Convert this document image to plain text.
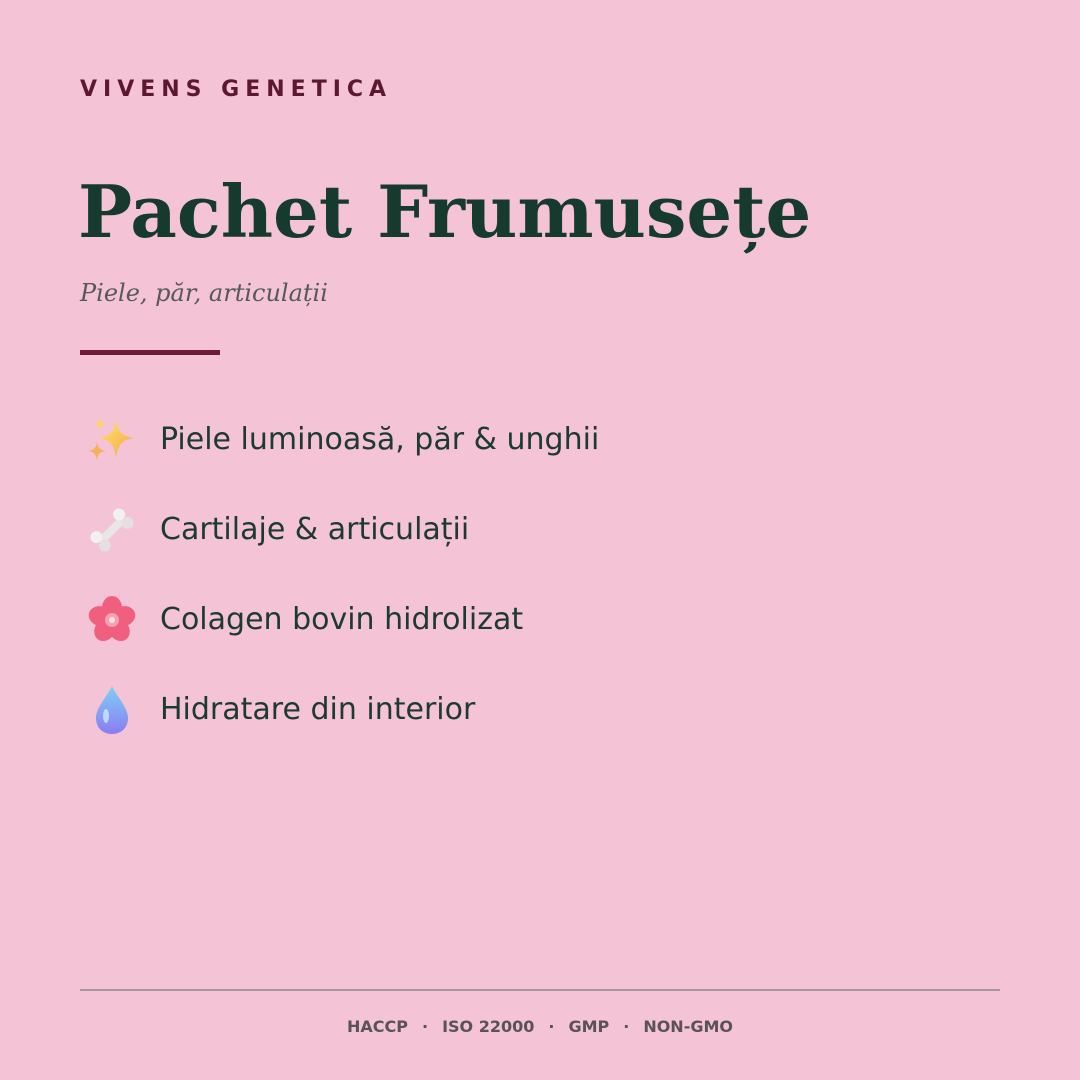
VIVENS GENETICA
Pachet Frumusețe
Piele, păr, articulații
Piele luminoasă, păr & unghii
Cartilaje & articulații
Colagen bovin hidrolizat
Hidratare din interior
HACCP · ISO 22000 · GMP · NON-GMO
